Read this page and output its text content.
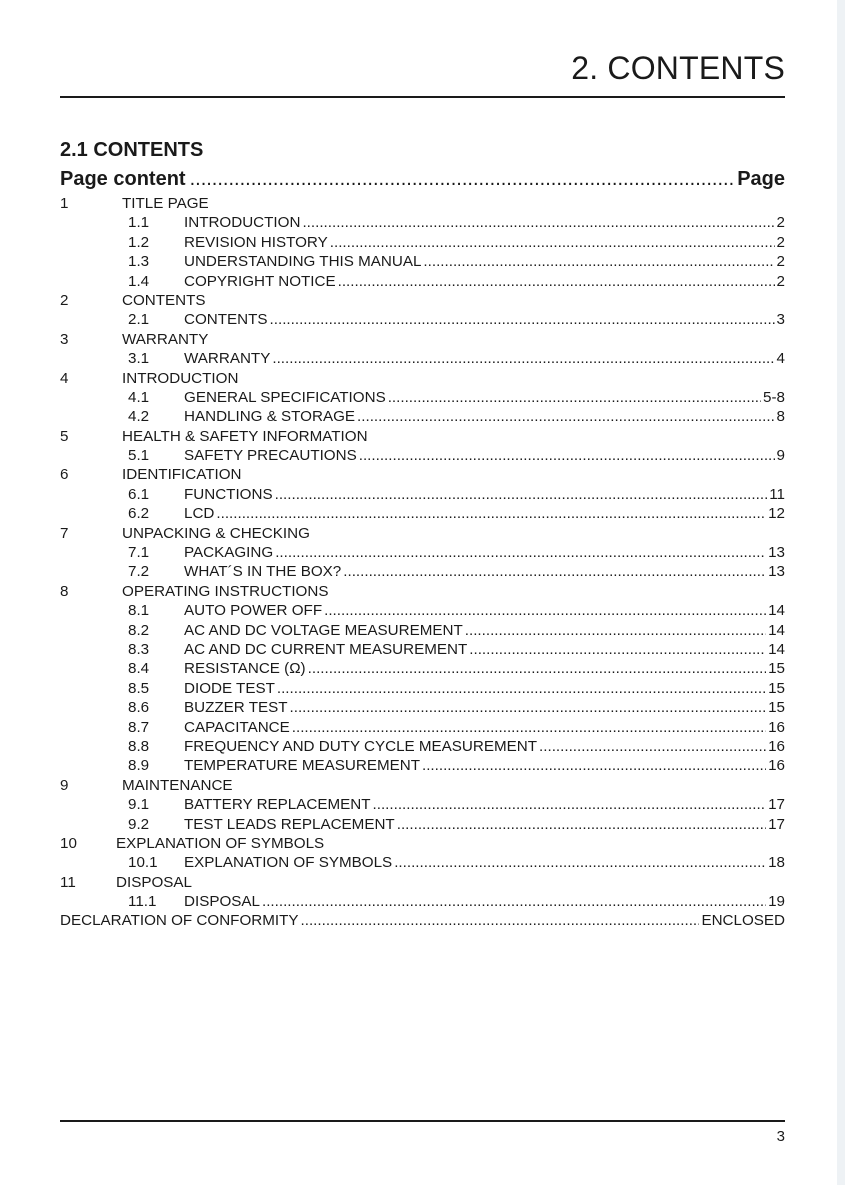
2. CONTENTS
2.1 CONTENTS
Page content .....	Page
1	TITLE PAGE
1.1	INTRODUCTION .....	2
1.2	REVISION HISTORY .....	2
1.3	UNDERSTANDING THIS MANUAL .....	2
1.4	COPYRIGHT NOTICE .....	2
2	CONTENTS
2.1	CONTENTS .....	3
3	WARRANTY
3.1	WARRANTY .....	4
4	INTRODUCTION
4.1	GENERAL SPECIFICATIONS .....	5-8
4.2	HANDLING & STORAGE .....	8
5	HEALTH & SAFETY INFORMATION
5.1	SAFETY PRECAUTIONS .....	9
6	IDENTIFICATION
6.1	FUNCTIONS .....	11
6.2	LCD .....	12
7	UNPACKING & CHECKING
7.1	PACKAGING .....	13
7.2	WHAT´S IN THE BOX? .....	13
8	OPERATING INSTRUCTIONS
8.1	AUTO POWER OFF .....	14
8.2	AC AND DC VOLTAGE MEASUREMENT .....	14
8.3	AC AND DC CURRENT MEASUREMENT .....	14
8.4	RESISTANCE (Ω) .....	15
8.5	DIODE TEST .....	15
8.6	BUZZER TEST .....	15
8.7	CAPACITANCE .....	16
8.8	FREQUENCY AND DUTY CYCLE MEASUREMENT .....	16
8.9	TEMPERATURE MEASUREMENT .....	16
9	MAINTENANCE
9.1	BATTERY REPLACEMENT .....	17
9.2	TEST LEADS REPLACEMENT .....	17
10	EXPLANATION OF SYMBOLS
10.1	EXPLANATION OF SYMBOLS .....	18
11	DISPOSAL
11.1	DISPOSAL .....	19
DECLARATION OF CONFORMITY .....	ENCLOSED
3
